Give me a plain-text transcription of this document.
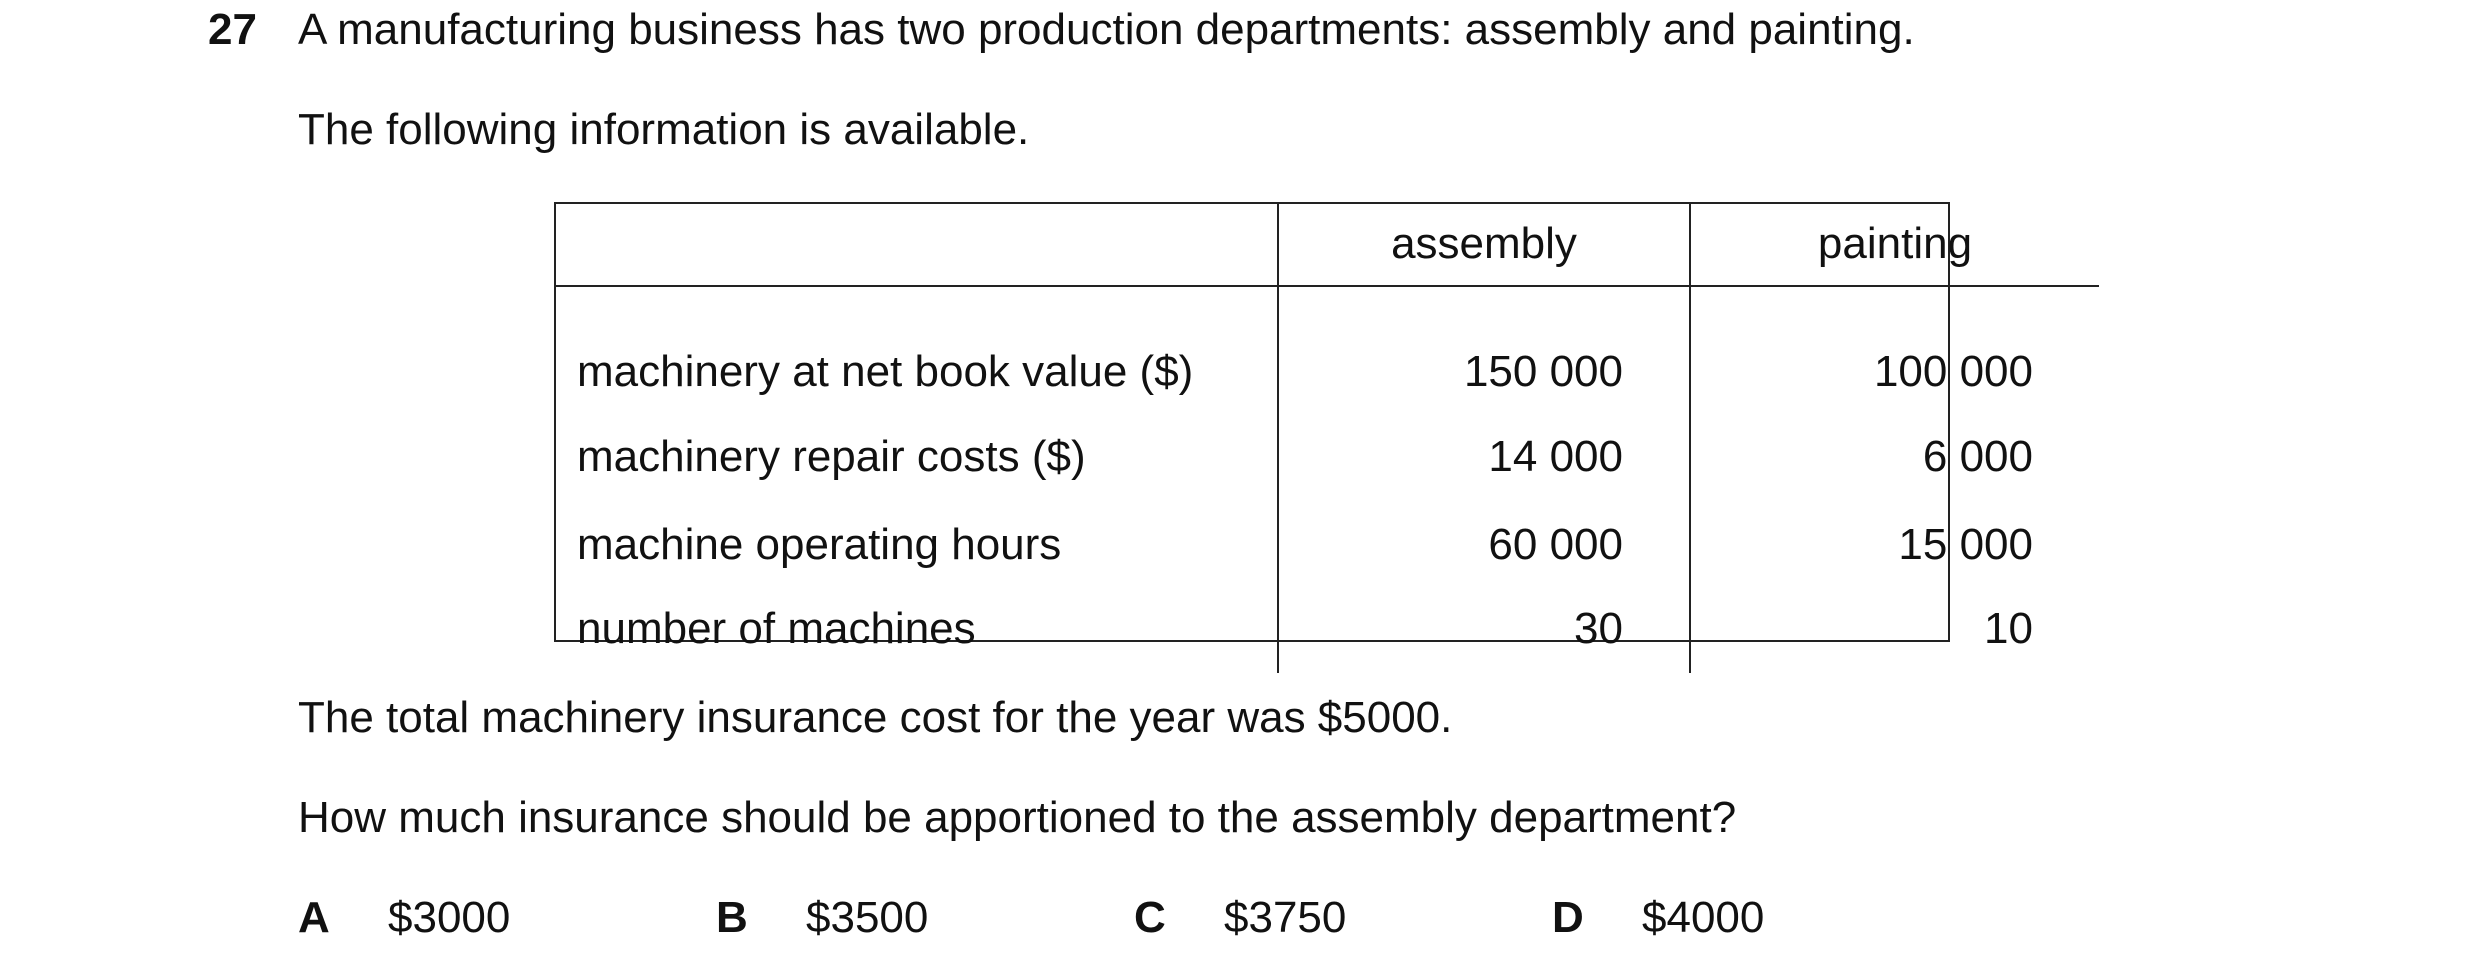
27 A manufacturing business has two production departments: assembly and painting.
The following information is available.
	assembly	painting
machinery at net book value ($)	150 000	100 000
machinery repair costs ($)	14 000	6 000
machine operating hours	60 000	15 000
number of machines	30	10
The total machinery insurance cost for the year was $5000.
How much insurance should be apportioned to the assembly department?
A $3000	B $3500	C $3750	D $4000
